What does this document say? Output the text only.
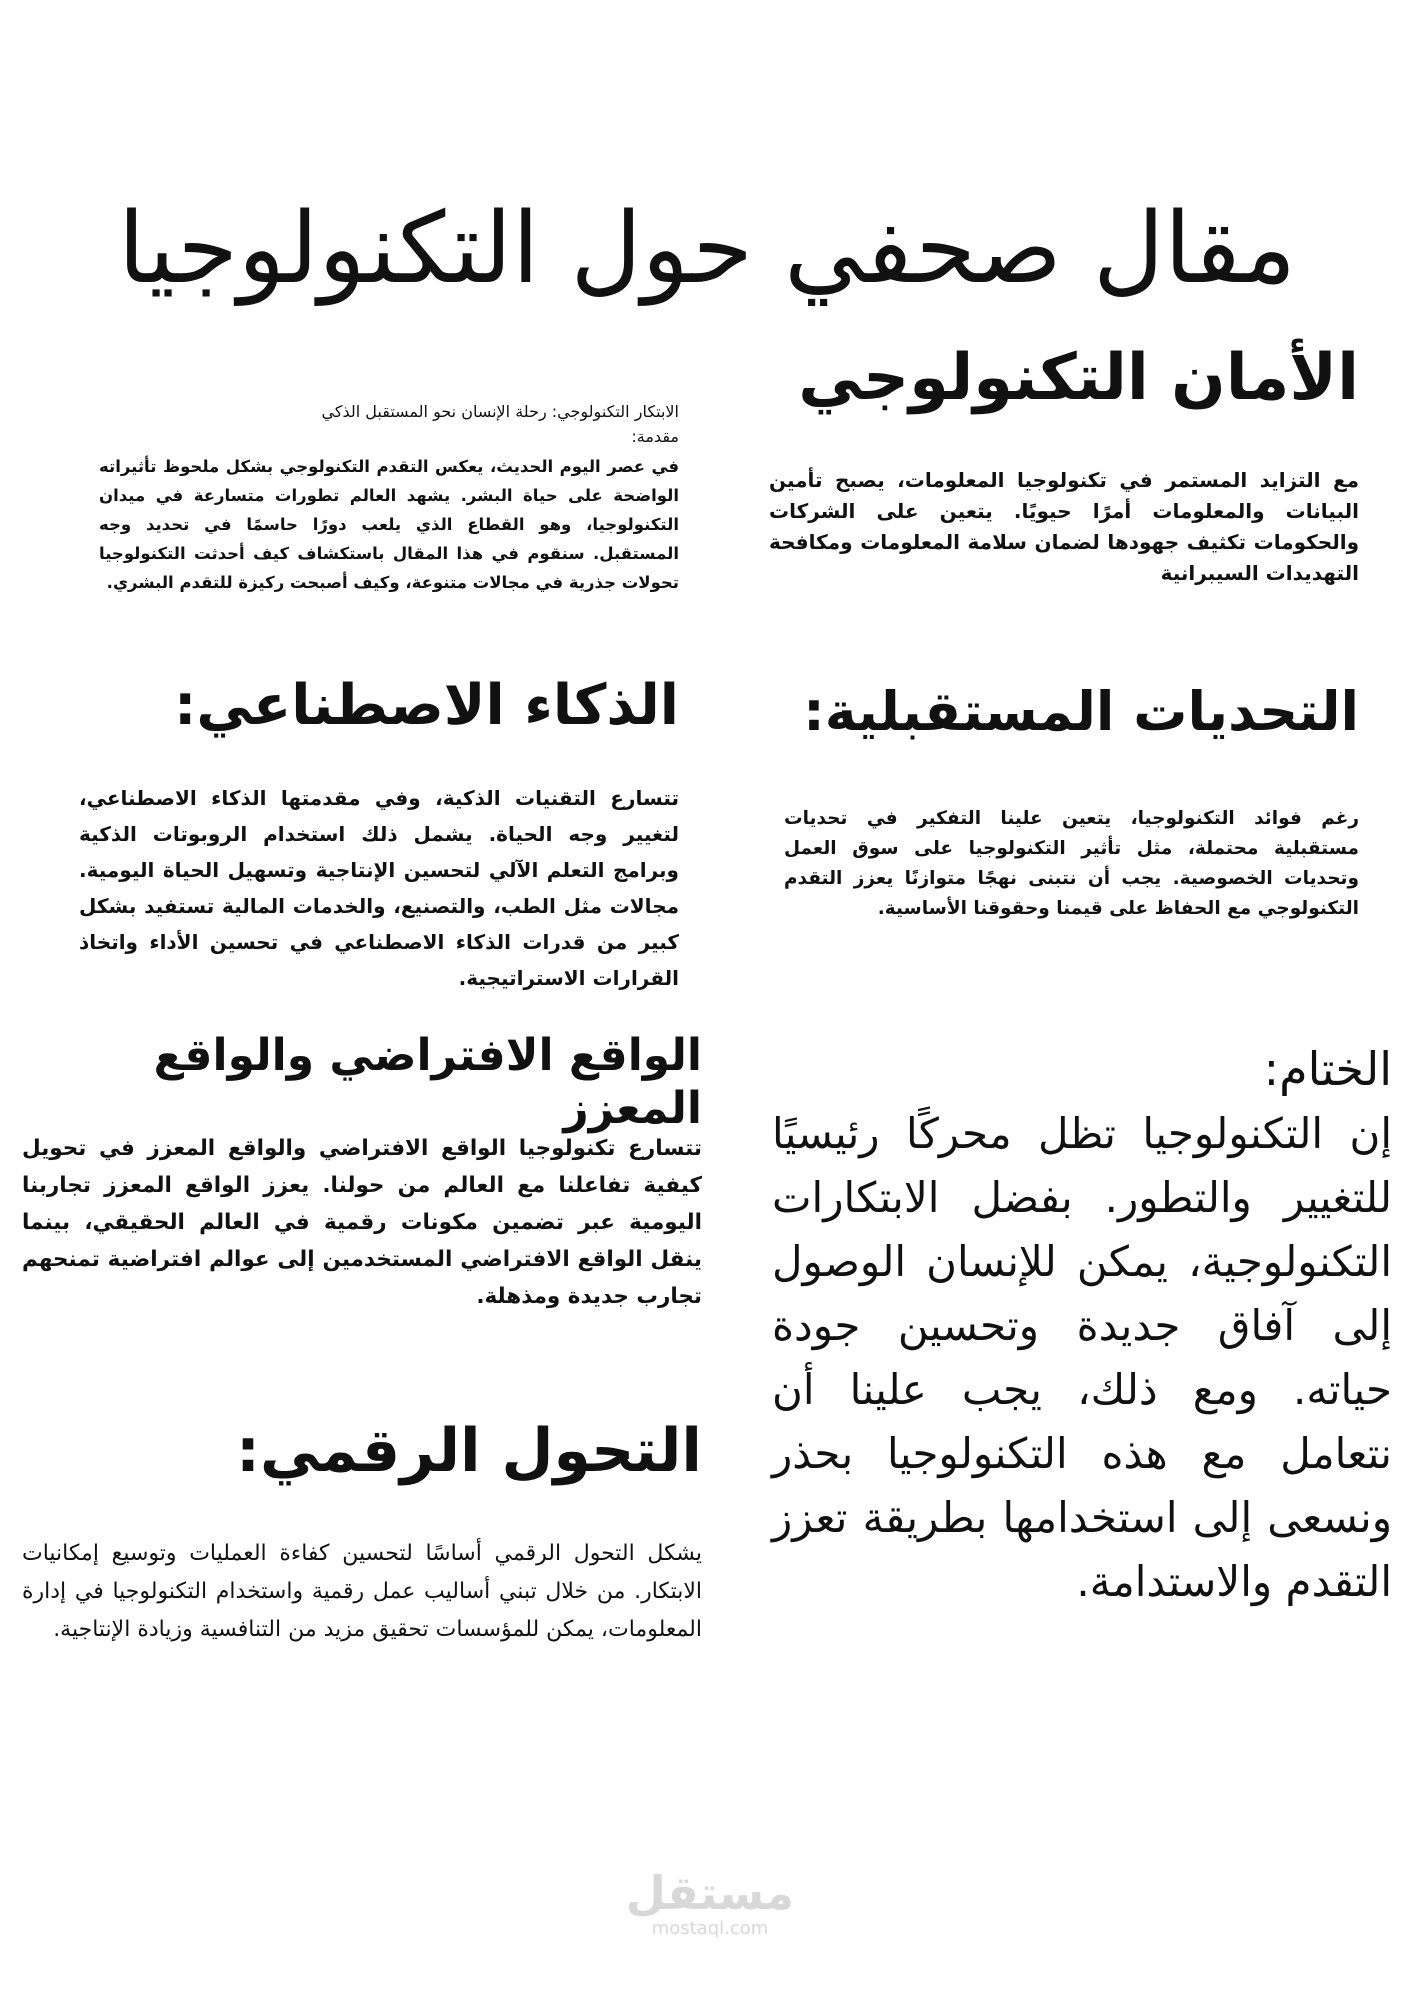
مقال صحفي حول التكنولوجيا
الأمان التكنولوجي

مع التزايد المستمر في تكنولوجيا المعلومات، يصبح تأمين البيانات والمعلومات أمرًا حيويًا. يتعين على الشركات والحكومات تكثيف جهودها لضمان سلامة المعلومات ومكافحة التهديدات السيبرانية

الابتكار التكنولوجي: رحلة الإنسان نحو المستقبل الذكي
مقدمة:

في عصر اليوم الحديث، يعكس التقدم التكنولوجي بشكل ملحوظ تأثيراته الواضحة على حياة البشر. يشهد العالم تطورات متسارعة في ميدان التكنولوجيا، وهو القطاع الذي يلعب دورًا حاسمًا في تحديد وجه المستقبل. سنقوم في هذا المقال باستكشاف كيف أحدثت التكنولوجيا تحولات جذرية في مجالات متنوعة، وكيف أصبحت ركيزة للتقدم البشري.

الذكاء الاصطناعي:

تتسارع التقنيات الذكية، وفي مقدمتها الذكاء الاصطناعي، لتغيير وجه الحياة. يشمل ذلك استخدام الروبوتات الذكية وبرامج التعلم الآلي لتحسين الإنتاجية وتسهيل الحياة اليومية. مجالات مثل الطب، والتصنيع، والخدمات المالية تستفيد بشكل كبير من قدرات الذكاء الاصطناعي في تحسين الأداء واتخاذ القرارات الاستراتيجية.

التحديات المستقبلية:

رغم فوائد التكنولوجيا، يتعين علينا التفكير في تحديات مستقبلية محتملة، مثل تأثير التكنولوجيا على سوق العمل وتحديات الخصوصية. يجب أن نتبنى نهجًا متوازنًا يعزز التقدم التكنولوجي مع الحفاظ على قيمنا وحقوقنا الأساسية.

الواقع الافتراضي والواقع المعزز

تتسارع تكنولوجيا الواقع الافتراضي والواقع المعزز في تحويل كيفية تفاعلنا مع العالم من حولنا. يعزز الواقع المعزز تجاربنا اليومية عبر تضمين مكونات رقمية في العالم الحقيقي، بينما ينقل الواقع الافتراضي المستخدمين إلى عوالم افتراضية تمنحهم تجارب جديدة ومذهلة.

التحول الرقمي:

يشكل التحول الرقمي أساسًا لتحسين كفاءة العمليات وتوسيع إمكانيات الابتكار. من خلال تبني أساليب عمل رقمية واستخدام التكنولوجيا في إدارة المعلومات، يمكن للمؤسسات تحقيق مزيد من التنافسية وزيادة الإنتاجية.

الختام:

إن التكنولوجيا تظل محركًا رئيسيًا للتغيير والتطور. بفضل الابتكارات التكنولوجية، يمكن للإنسان الوصول إلى آفاق جديدة وتحسين جودة حياته. ومع ذلك، يجب علينا أن نتعامل مع هذه التكنولوجيا بحذر ونسعى إلى استخدامها بطريقة تعزز التقدم والاستدامة.

مستقل
mostaql.com
